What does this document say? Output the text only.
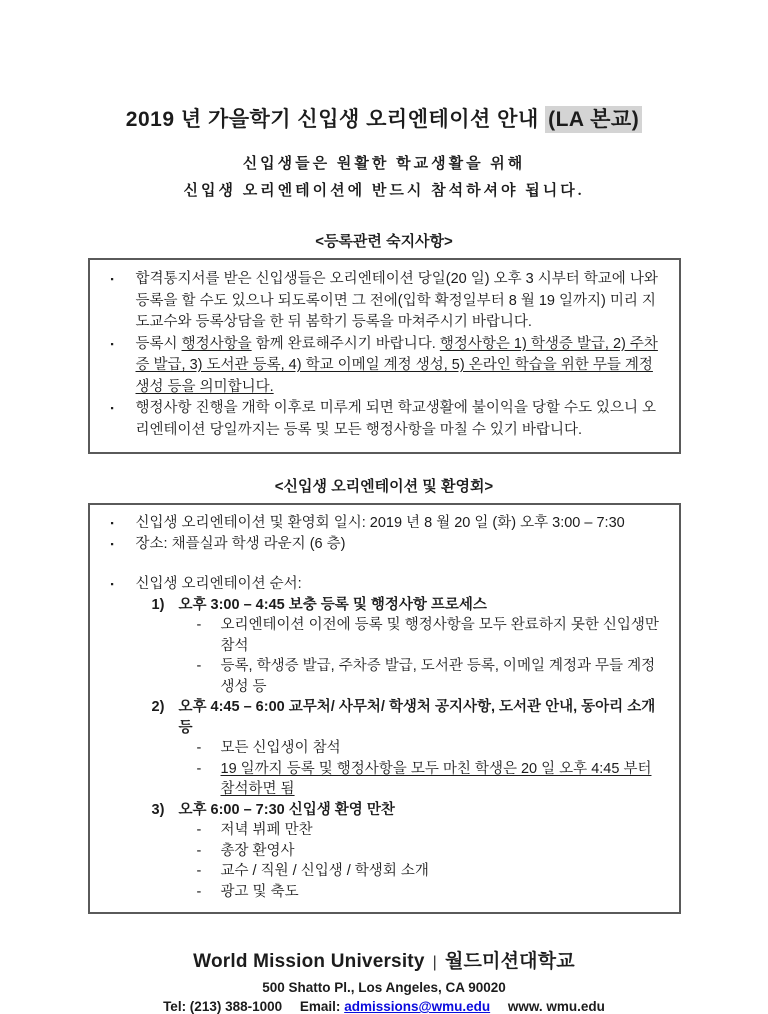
2019 년 가을학기 신입생 오리엔테이션 안내 (LA 본교)
신입생들은 원활한 학교생활을 위해
신입생 오리엔테이션에 반드시 참석하셔야 됩니다.
<등록관련 숙지사항>
▪ 합격통지서를 받은 신입생들은 오리엔테이션 당일(20 일) 오후 3 시부터 학교에 나와 등록을 할 수도 있으나 되도록이면 그 전에(입학 확정일부터 8 월 19 일까지) 미리 지도교수와 등록상담을 한 뒤 봄학기 등록을 마쳐주시기 바랍니다.
▪ 등록시 행정사항을 함께 완료해주시기 바랍니다. 행정사항은 1) 학생증 발급, 2) 주차증 발급, 3) 도서관 등록, 4) 학교 이메일 계정 생성, 5) 온라인 학습을 위한 무들 계정 생성 등을 의미합니다.
▪ 행정사항 진행을 개학 이후로 미루게 되면 학교생활에 불이익을 당할 수도 있으니 오리엔테이션 당일까지는 등록 및 모든 행정사항을 마칠 수 있기 바랍니다.
<신입생 오리엔테이션 및 환영회>
▪ 신입생 오리엔테이션 및 환영회 일시: 2019 년 8 월 20 일 (화) 오후 3:00 – 7:30
▪ 장소: 채플실과 학생 라운지 (6 층)
▪ 신입생 오리엔테이션 순서:
1) 오후 3:00 – 4:45 보충 등록 및 행정사항 프로세스
- 오리엔테이션 이전에 등록 및 행정사항을 모두 완료하지 못한 신입생만 참석
- 등록, 학생증 발급, 주차증 발급, 도서관 등록, 이메일 계정과 무들 계정 생성 등
2) 오후 4:45 – 6:00 교무처/ 사무처/ 학생처 공지사항, 도서관 안내, 동아리 소개 등
- 모든 신입생이 참석
- 19 일까지 등록 및 행정사항을 모두 마친 학생은 20 일 오후 4:45 부터 참석하면 됨
3) 오후 6:00 – 7:30 신입생 환영 만찬
- 저녁 뷔페 만찬
- 총장 환영사
- 교수 / 직원 / 신입생 / 학생회 소개
- 광고 및 축도
World Mission University | 월드미션대학교
500 Shatto Pl., Los Angeles, CA 90020
Tel: (213) 388-1000 Email: admissions@wmu.edu www. wmu.edu
